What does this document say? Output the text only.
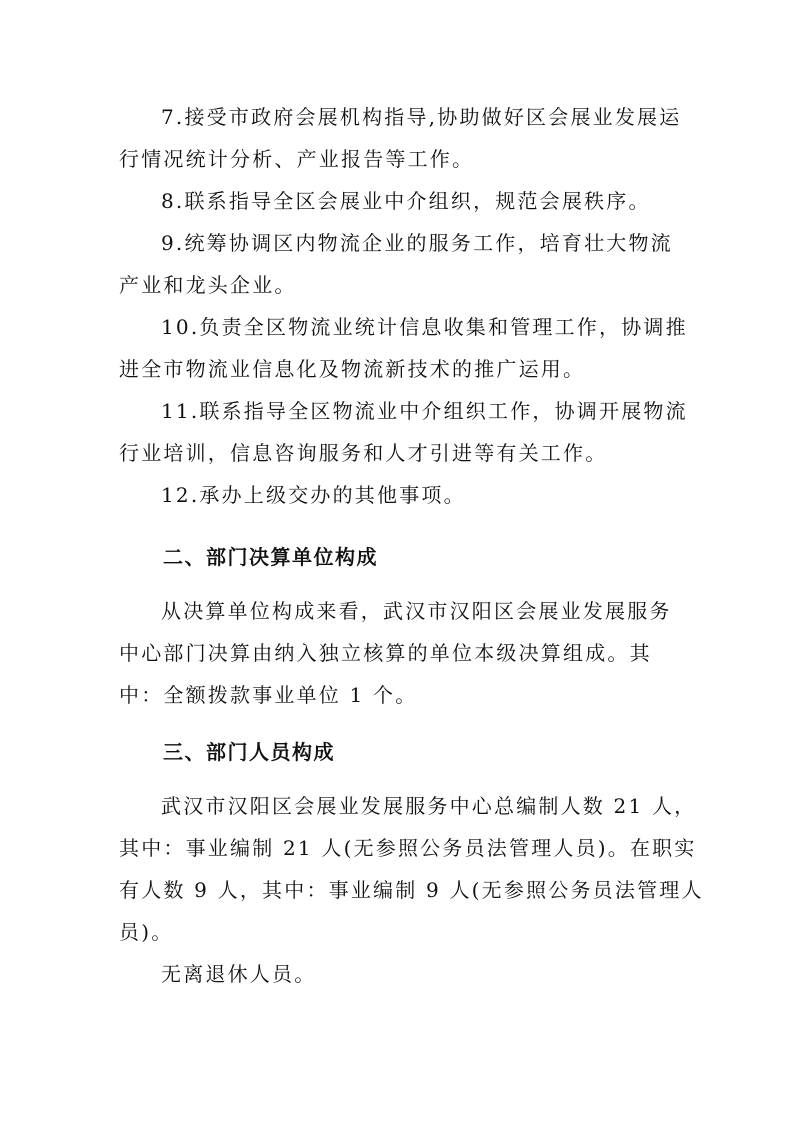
7.接受市政府会展机构指导,协助做好区会展业发展运

行情况统计分析、产业报告等工作。

8.联系指导全区会展业中介组织，规范会展秩序。

9.统筹协调区内物流企业的服务工作，培育壮大物流

产业和龙头企业。

10.负责全区物流业统计信息收集和管理工作，协调推

进全市物流业信息化及物流新技术的推广运用。

11.联系指导全区物流业中介组织工作，协调开展物流

行业培训，信息咨询服务和人才引进等有关工作。

12.承办上级交办的其他事项。

二、部门决算单位构成

从决算单位构成来看，武汉市汉阳区会展业发展服务

中心部门决算由纳入独立核算的单位本级决算组成。其

中：全额拨款事业单位 1 个。

三、部门人员构成

武汉市汉阳区会展业发展服务中心总编制人数 21 人，

其中：事业编制 21 人(无参照公务员法管理人员)。在职实

有人数 9 人，其中：事业编制 9 人(无参照公务员法管理人

员)。

无离退休人员。
